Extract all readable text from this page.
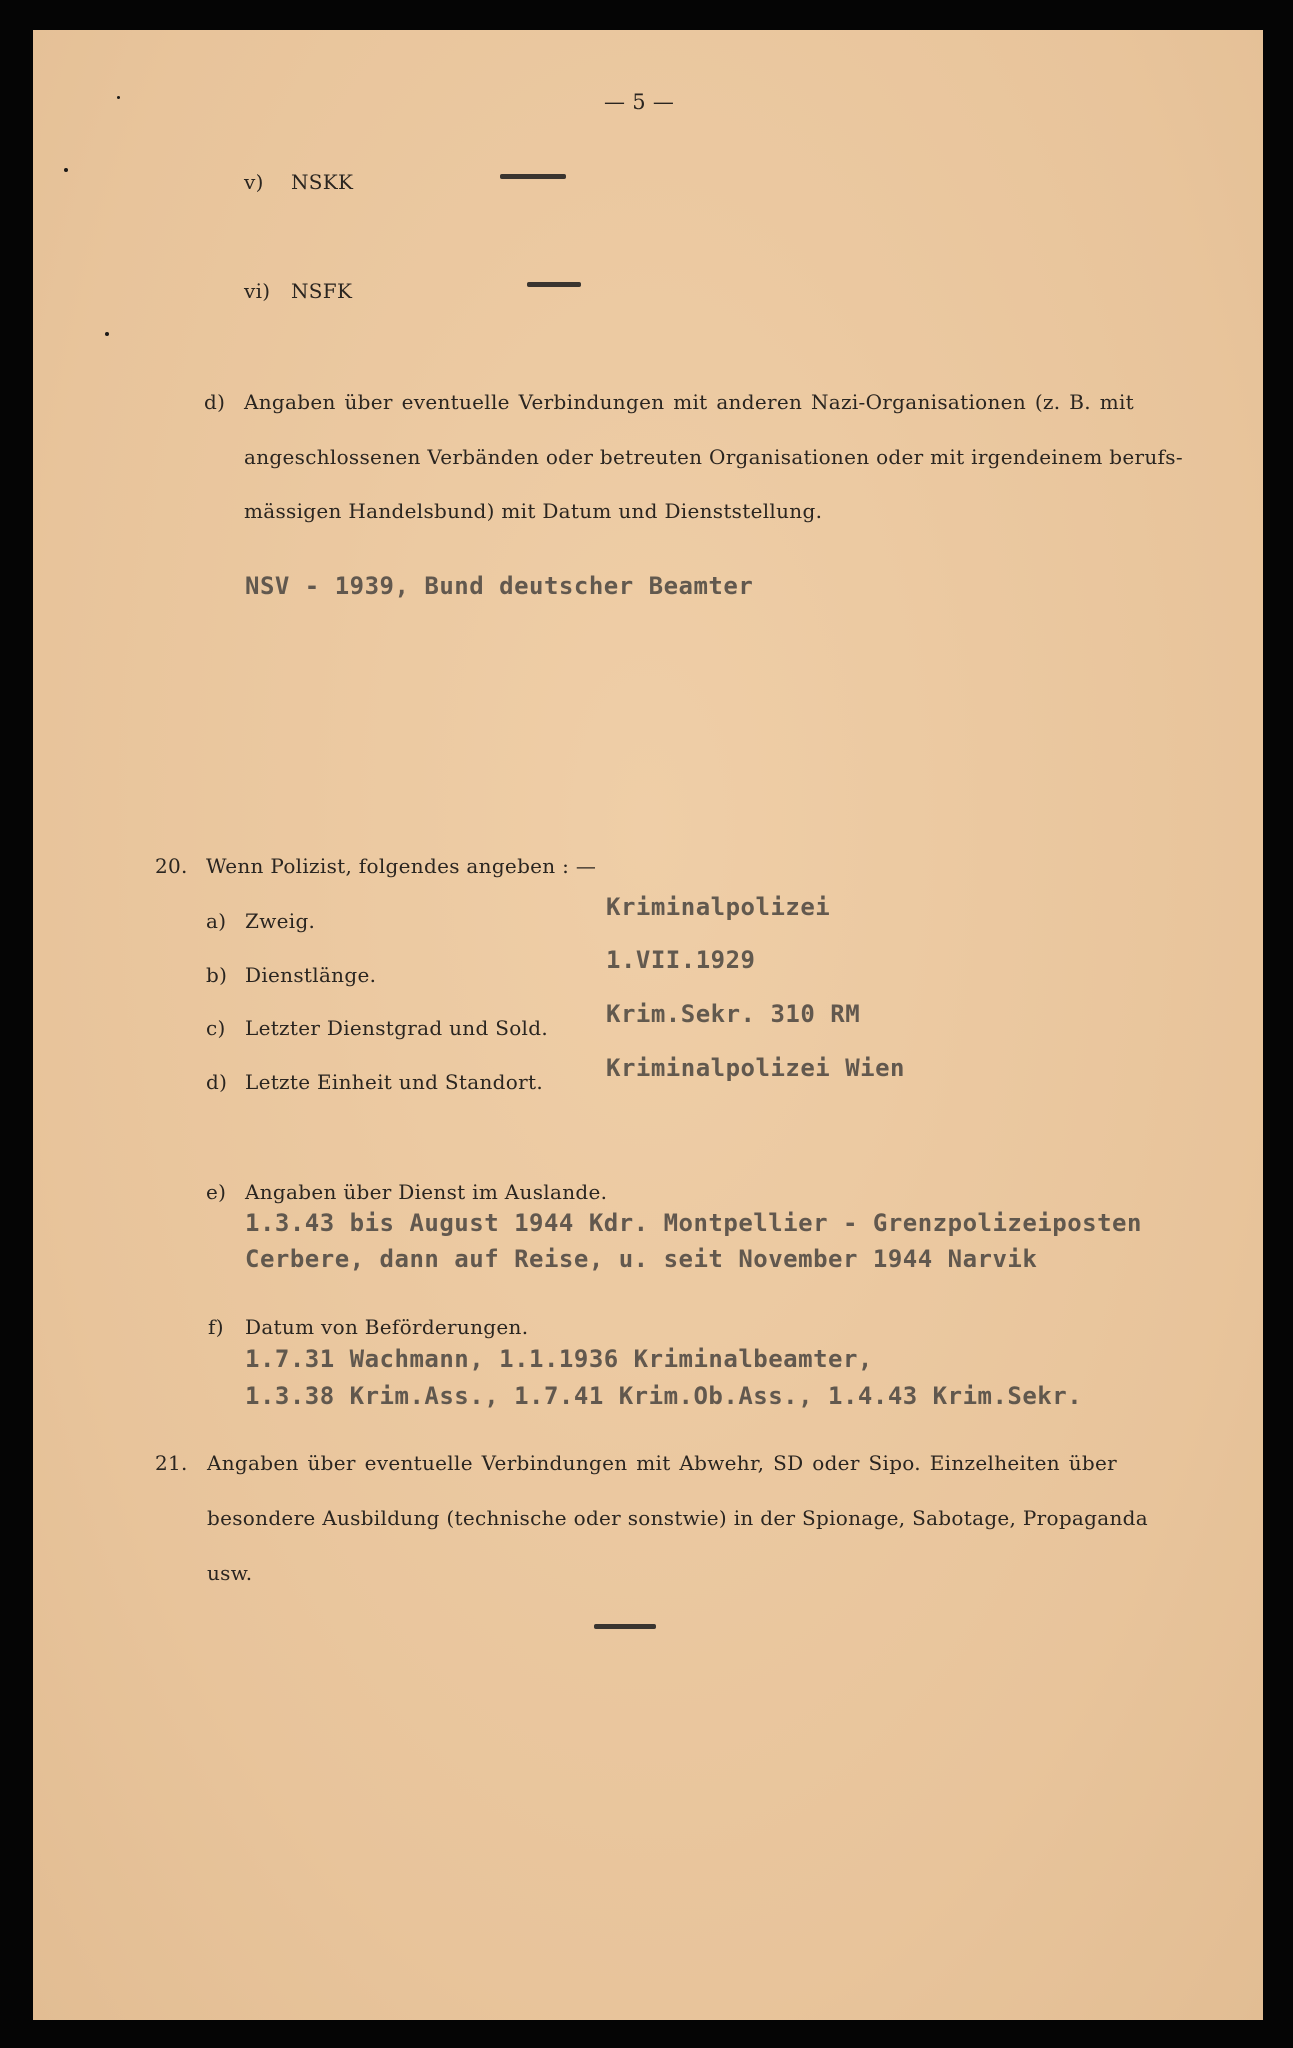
— 5 —
v) NSKK
vi) NSFK
d) Angaben über eventuelle Verbindungen mit anderen Nazi-Organisationen (z. B. mit
angeschlossenen Verbänden oder betreuten Organisationen oder mit irgendeinem berufs-
mässigen Handelsbund) mit Datum und Dienststellung.
NSV - 1939, Bund deutscher Beamter
20. Wenn Polizist, folgendes angeben : —
a) Zweig.	Kriminalpolizei
b) Dienstlänge.
1.VII.1929
c) Letzter Dienstgrad und Sold. Krim.Sekr. 310 RM
d) Letzte Einheit und Standort.	Kriminalpolizei Wien
e) Angaben über Dienst im Auslande.
1.3.43 bis August 1944 Kdr. Montpellier - Grenzpolizeiposten
Cerbere, dann auf Reise, u. seit November 1944 Narvik
f) Datum von Beförderungen.
1.7.31 Wachmann, 1.1.1936 Kriminalbeamter,
1.3.38 Krim.Ass., 1.7.41 Krim.Ob.Ass., 1.4.43 Krim.Sekr.
21. Angaben über eventuelle Verbindungen mit Abwehr, SD oder Sipo. Einzelheiten über
besondere Ausbildung (technische oder sonstwie) in der Spionage, Sabotage, Propaganda
usw.
